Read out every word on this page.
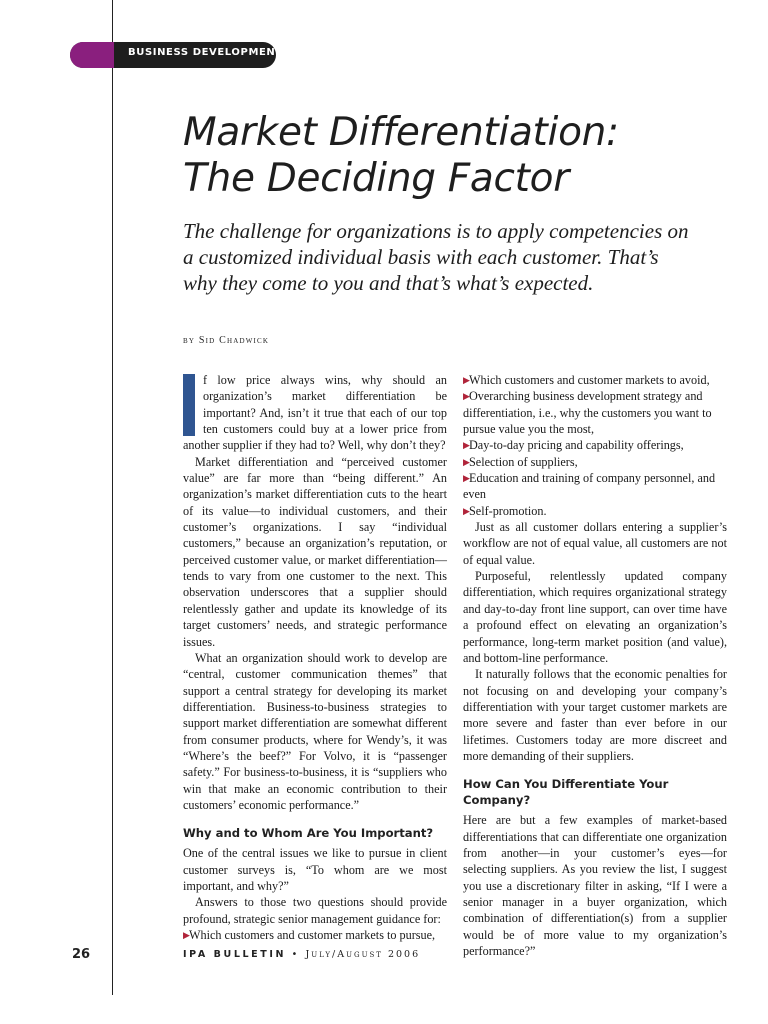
BUSINESS DEVELOPMENT
Market Differentiation:
The Deciding Factor
The challenge for organizations is to apply competencies on
a customized individual basis with each customer. That’s
why they come to you and that’s what’s expected.
by Sid Chadwick

f low price always wins, why should an organization’s market differentiation be important? And, isn’t it true that each of our top ten customers could buy at a lower price from another supplier if they had to? Well, why don’t they?

Market differentiation and “perceived customer value” are far more than “being different.” An organization’s market differentiation cuts to the heart of its value—to individual customers, and their customer’s organizations. I say “individual customers,” because an organization’s reputation, or perceived customer value, or market differentiation—tends to vary from one customer to the next. This observation underscores that a supplier should relentlessly gather and update its knowledge of its target customers’ needs, and strategic performance issues.

What an organization should work to develop are “central, customer communication themes” that support a central strategy for developing its market differentiation. Business-to-business strategies to support market differentiation are somewhat different from consumer products, where for Wendy’s, it was “Where’s the beef?” For Volvo, it is “passenger safety.” For business-to-business, it is “suppliers who win that make an economic contribution to their customers’ economic performance.”

Why and to Whom Are You Important?

One of the central issues we like to pursue in client customer surveys is, “To whom are we most important, and why?”

Answers to those two questions should provide profound, strategic senior management guidance for:

▶Which customers and customer markets to pursue,
▶Which customers and customer markets to avoid,
▶Overarching business development strategy and differentiation, i.e., why the customers you want to pursue value you the most,
▶Day-to-day pricing and capability offerings,
▶Selection of suppliers,
▶Education and training of company personnel, and even
▶Self-promotion.

Just as all customer dollars entering a supplier’s workflow are not of equal value, all customers are not of equal value.

Purposeful, relentlessly updated company differentiation, which requires organizational strategy and day-to-day front line support, can over time have a profound effect on elevating an organization’s performance, long-term market position (and value), and bottom-line performance.

It naturally follows that the economic penalties for not focusing on and developing your company’s differentiation with your target customer markets are more severe and faster than ever before in our lifetimes. Customers today are more discreet and more demanding of their suppliers.

How Can You Differentiate Your Company?

Here are but a few examples of market-based differentiations that can differentiate one organization from another—in your customer’s eyes—for selecting suppliers. As you review the list, I suggest you use a discretionary filter in asking, “If I were a senior manager in a buyer organization, which combination of differentiation(s) from a supplier would be of more value to my organization’s performance?”

26	IPA BULLETIN • July/August 2006
